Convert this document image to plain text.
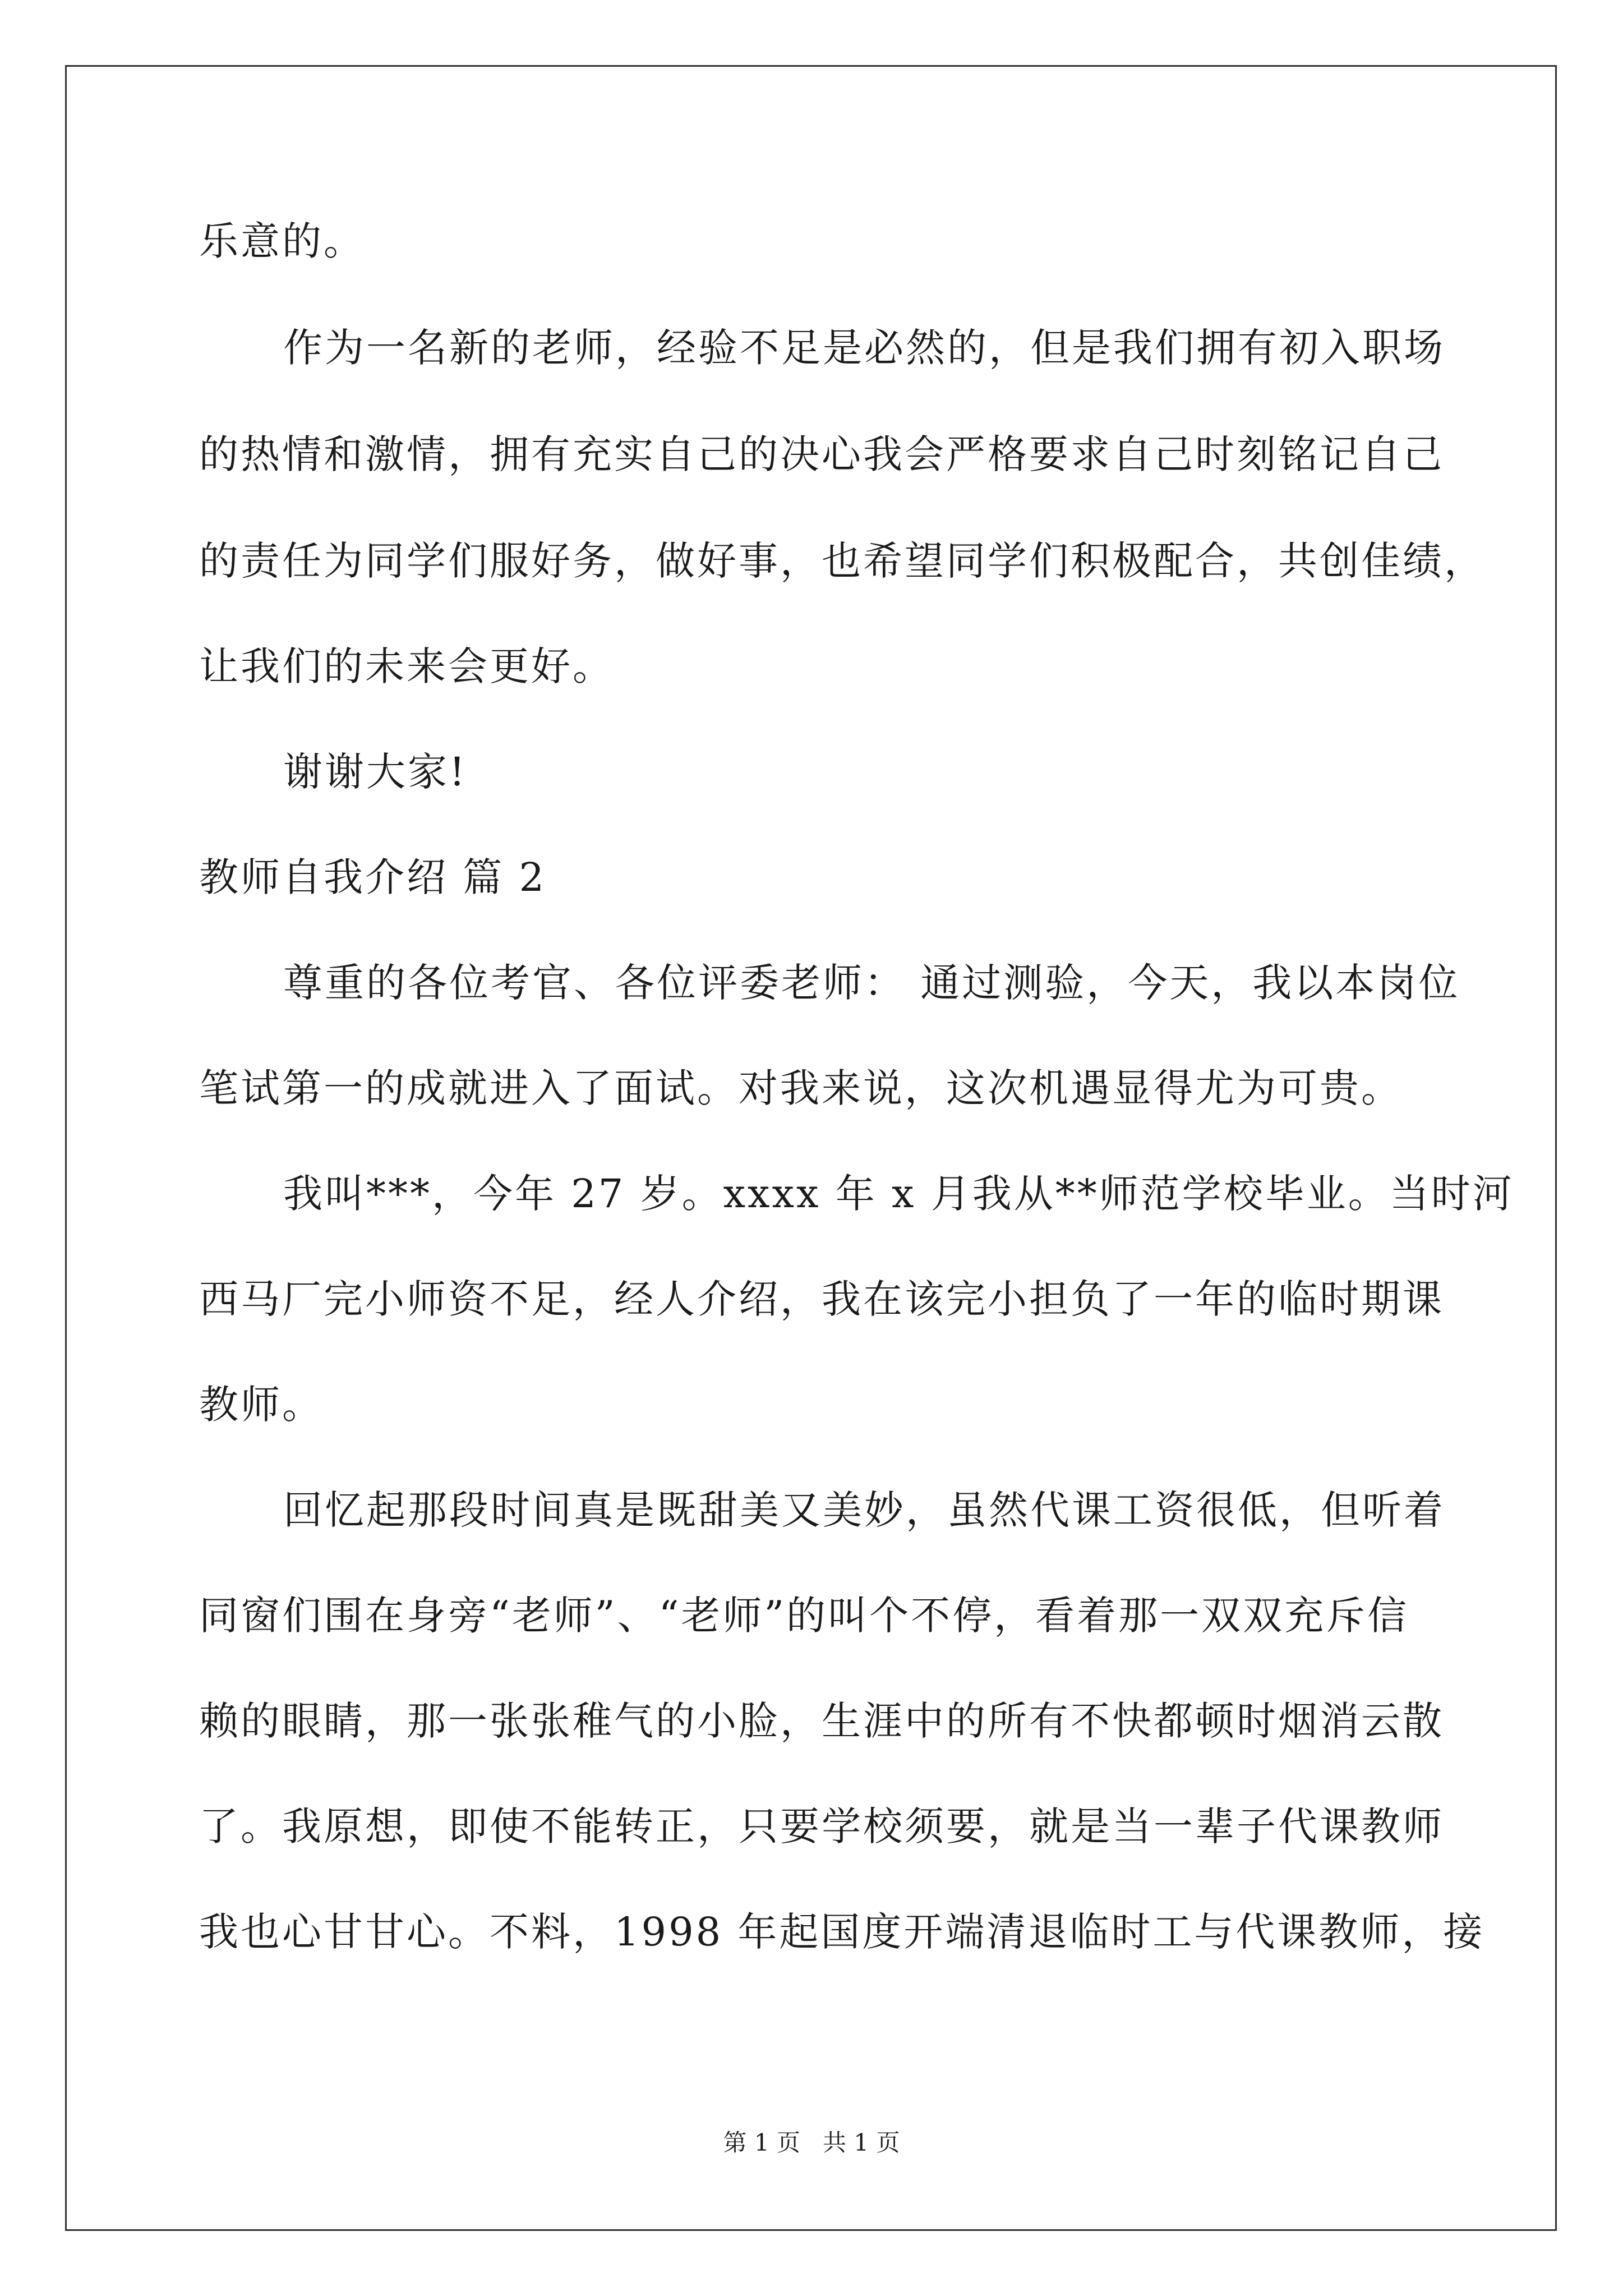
乐意的。
作为一名新的老师，经验不足是必然的，但是我们拥有初入职场
的热情和激情，拥有充实自己的决心我会严格要求自己时刻铭记自己
的责任为同学们服好务，做好事，也希望同学们积极配合，共创佳绩，
让我们的未来会更好。
谢谢大家!
教师自我介绍 篇 2
尊重的各位考官、各位评委老师： 通过测验，今天，我以本岗位
笔试第一的成就进入了面试。对我来说，这次机遇显得尤为可贵。
我叫***，今年 27 岁。xxxx 年 x 月我从**师范学校毕业。当时河
西马厂完小师资不足，经人介绍，我在该完小担负了一年的临时期课
教师。
回忆起那段时间真是既甜美又美妙，虽然代课工资很低，但听着
同窗们围在身旁“老师”、“老师”的叫个不停，看着那一双双充斥信
赖的眼睛，那一张张稚气的小脸，生涯中的所有不快都顿时烟消云散
了。我原想，即使不能转正，只要学校须要，就是当一辈子代课教师
我也心甘甘心。不料，1998 年起国度开端清退临时工与代课教师，接
第 1 页   共 1 页
